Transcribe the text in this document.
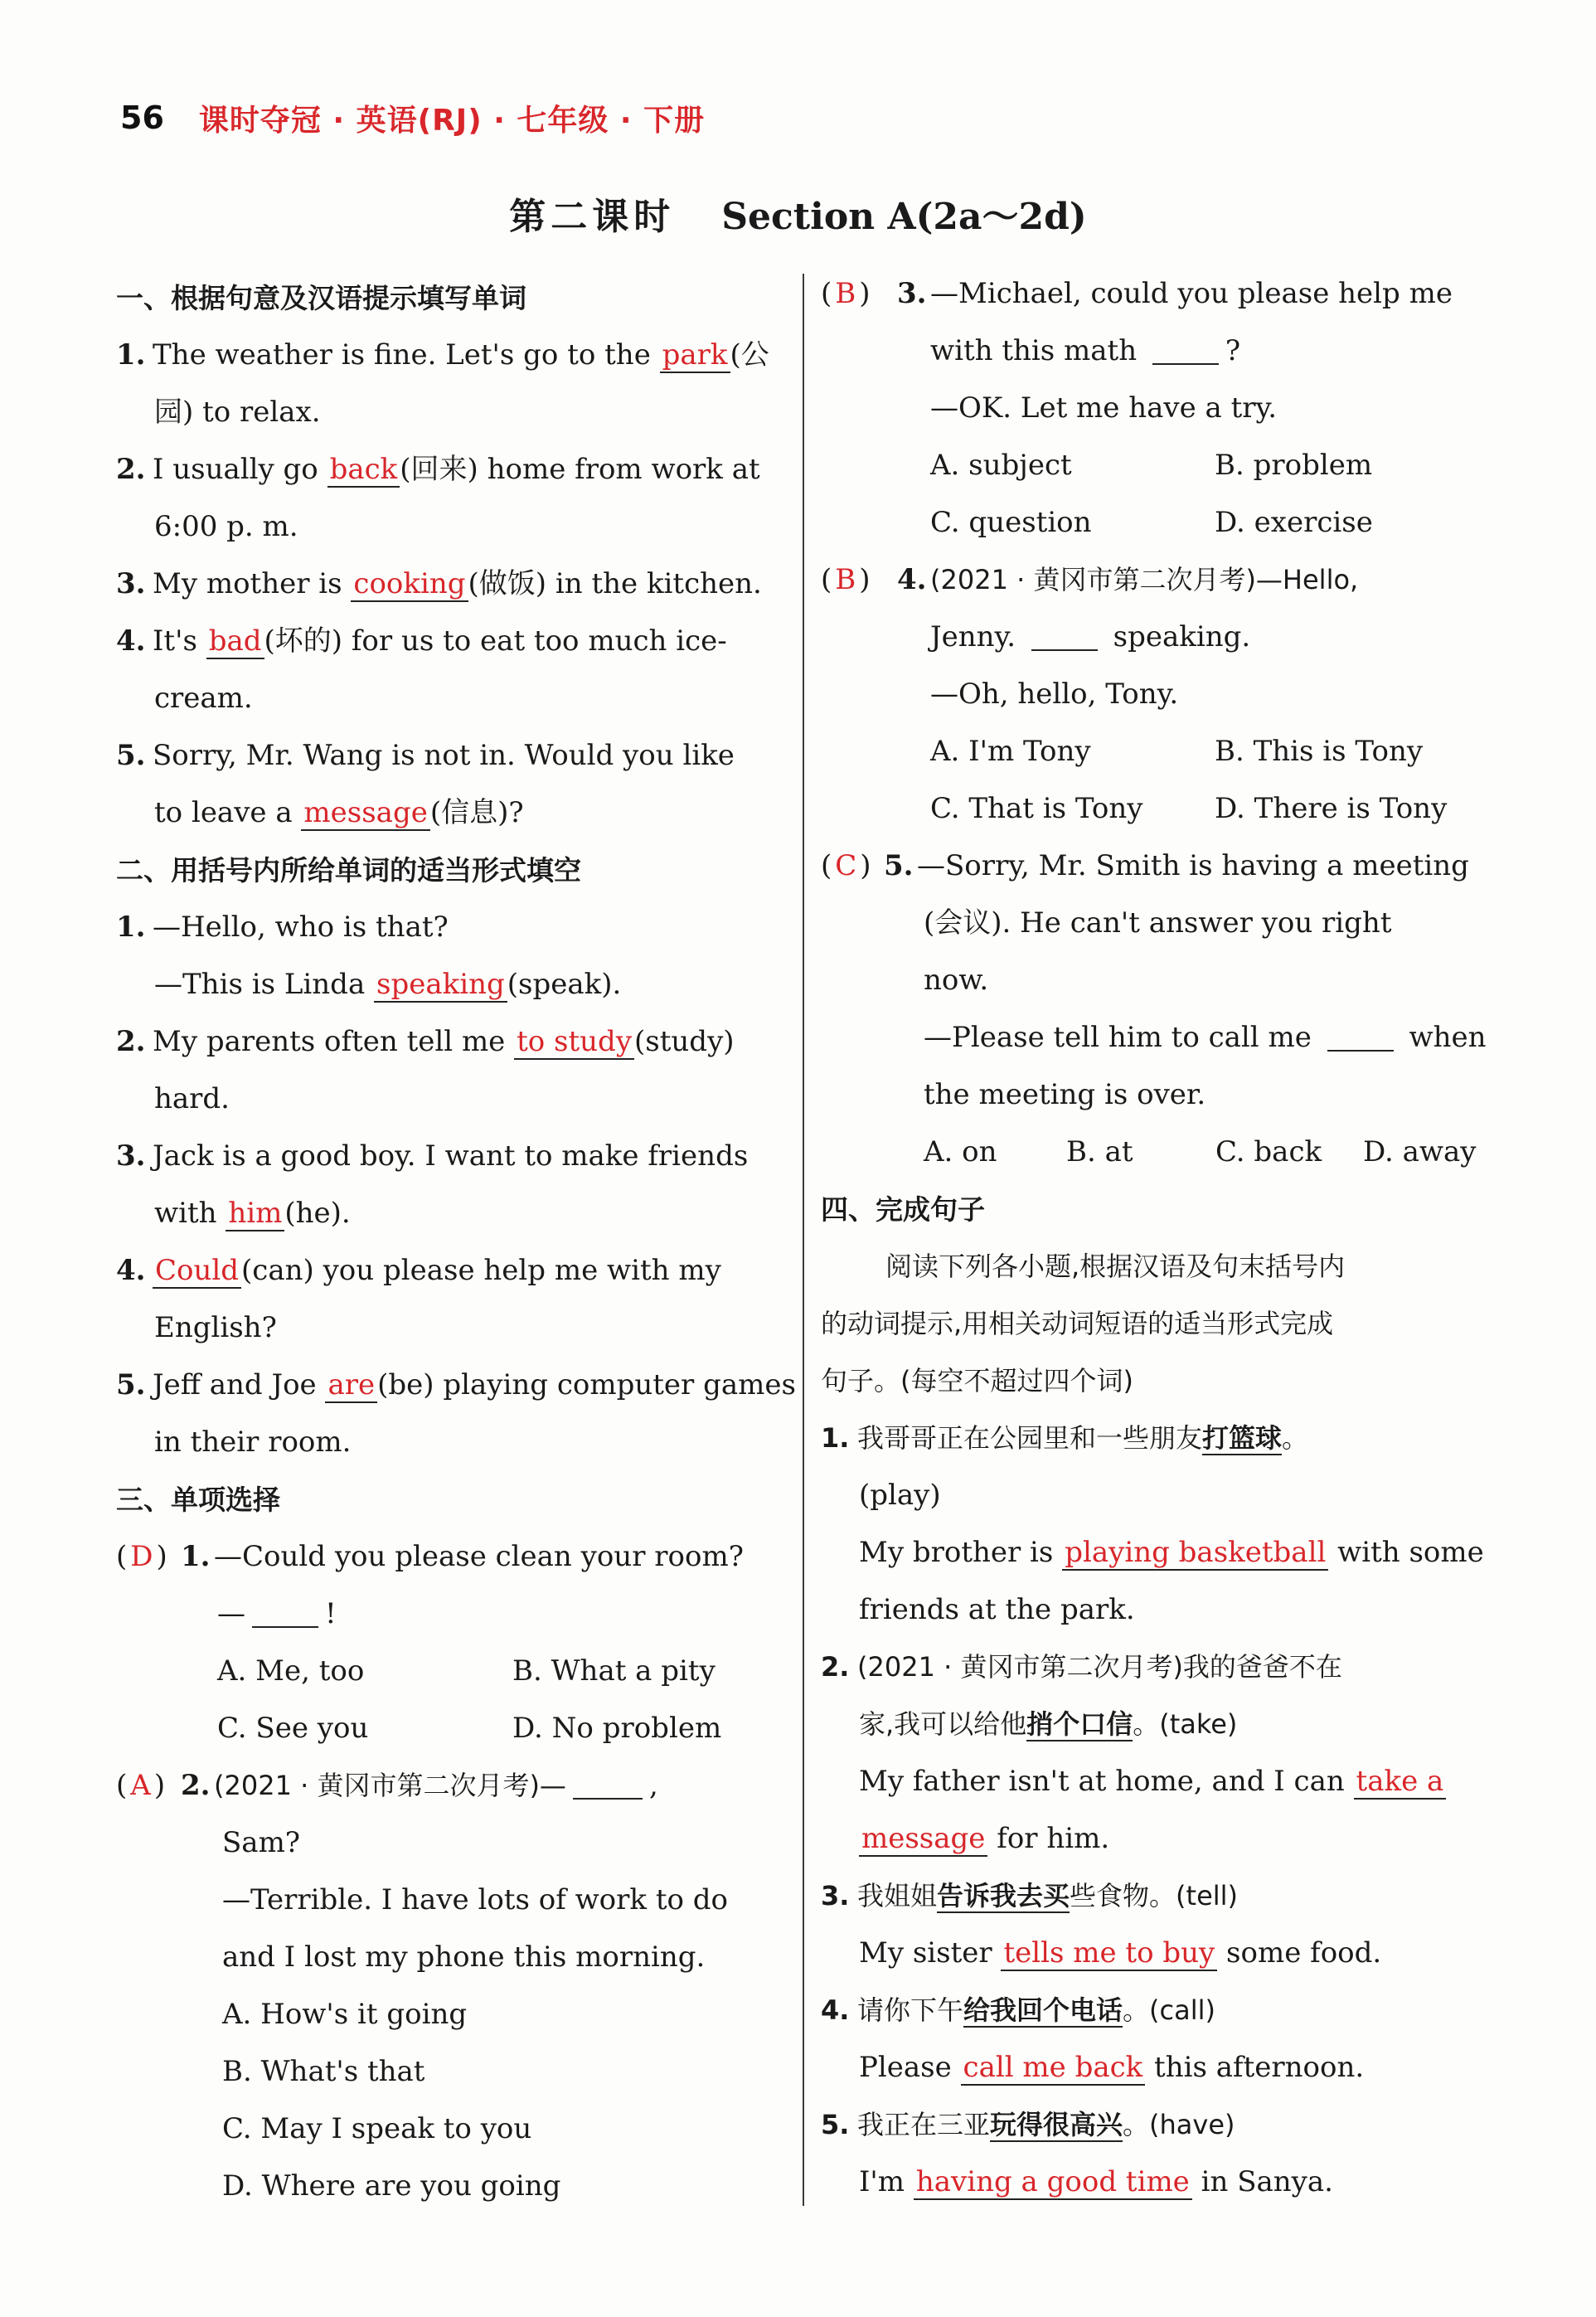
56 课时夺冠 · 英语(RJ) · 七年级 · 下册
第二课时 Section A(2a～2d)
一、根据句意及汉语提示填写单词
1. The weather is fine. Let's go to the park(公
园) to relax.
2. I usually go back(回来) home from work at
6:00 p. m.
3. My mother is cooking(做饭) in the kitchen.
4. It's bad(坏的) for us to eat too much ice-
cream.
5. Sorry, Mr. Wang is not in. Would you like
to leave a message(信息)?
二、用括号内所给单词的适当形式填空
1. —Hello, who is that?
—This is Linda speaking(speak).
2. My parents often tell me to study(study)
hard.
3. Jack is a good boy. I want to make friends
with him(he).
4. Could(can) you please help me with my
English?
5. Jeff and Joe are(be) playing computer games
in their room.
三、单项选择
( D ) 1. —Could you please clean your room?
—	!
A. Me, too	B. What a pity
C. See you	D. No problem
( A ) 2. (2021 · 黄冈市第二次月考)—	,
Sam?
—Terrible. I have lots of work to do
and I lost my phone this morning.
A. How's it going
B. What's that
C. May I speak to you
D. Where are you going
( B ) 3. —Michael, could you please help me
with this math	?
—OK. Let me have a try.
A. subject	B. problem
C. question	D. exercise
( B ) 4. (2021 · 黄冈市第二次月考)—Hello,
Jenny.	speaking.
—Oh, hello, Tony.
A. I'm Tony	B. This is Tony
C. That is Tony	D. There is Tony
( C ) 5. —Sorry, Mr. Smith is having a meeting
(会议). He can't answer you right
now.
—Please tell him to call me	when
the meeting is over.
A. on B. at	C. back D. away
四、完成句子
阅读下列各小题,根据汉语及句末括号内
的动词提示,用相关动词短语的适当形式完成
句子。(每空不超过四个词)
1. 我哥哥正在公园里和一些朋友打篮球。
(play)
My brother is playing basketball with some
friends at the park.
2. (2021 · 黄冈市第二次月考)我的爸爸不在
家,我可以给他捎个口信。(take)
My father isn't at home, and I can take a
message for him.
3. 我姐姐告诉我去买些食物。(tell)
My sister tells me to buy some food.
4. 请你下午给我回个电话。(call)
Please call me back this afternoon.
5. 我正在三亚玩得很高兴。(have)
I'm having a good time in Sanya.
